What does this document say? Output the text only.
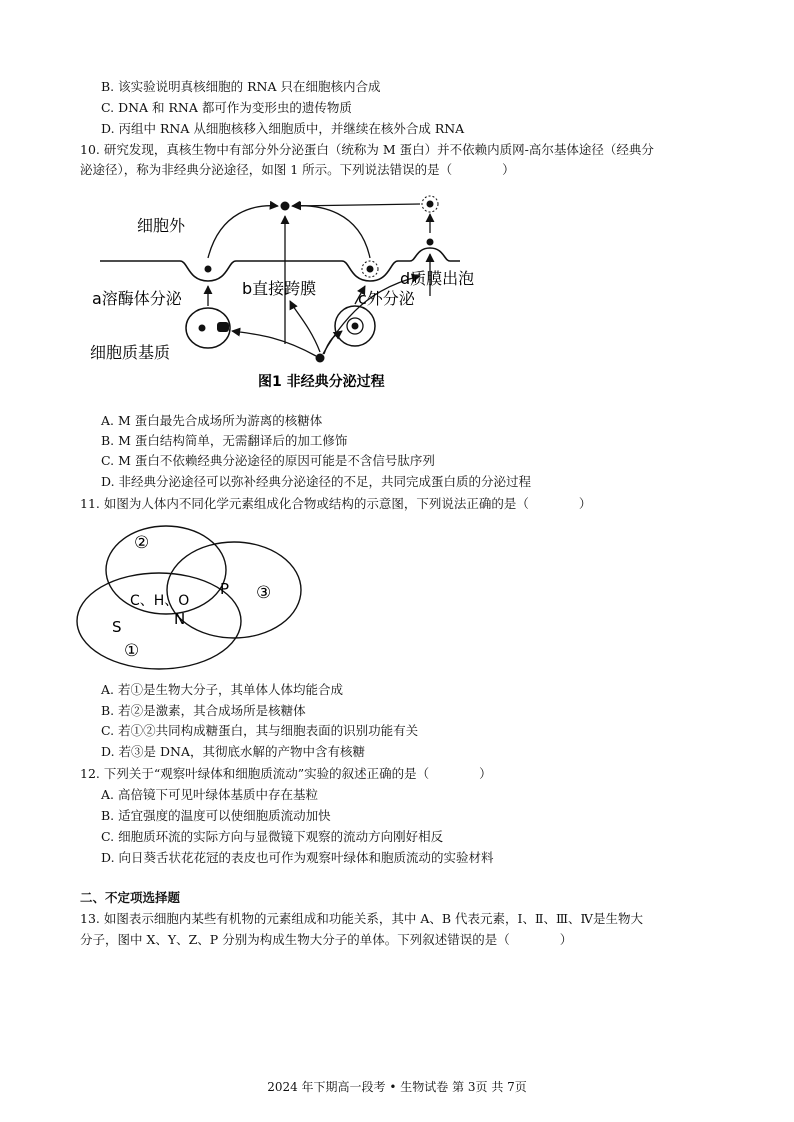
B. 该实验说明真核细胞的 RNA 只在细胞核内合成
C. DNA 和 RNA 都可作为变形虫的遗传物质
D. 丙组中 RNA 从细胞核移入细胞质中，并继续在核外合成 RNA
10. 研究发现，真核生物中有部分外分泌蛋白（统称为 M 蛋白）并不依赖内质网-高尔基体途径（经典分
泌途径），称为非经典分泌途径，如图 1 所示。下列说法错误的是（　　　　）
细胞外
a溶酶体分泌
b直接跨膜
c外分泌
d质膜出泡
细胞质基质
图1 非经典分泌过程
A. M 蛋白最先合成场所为游离的核糖体
B. M 蛋白结构简单，无需翻译后的加工修饰
C. M 蛋白不依赖经典分泌途径的原因可能是不含信号肽序列
D. 非经典分泌途径可以弥补经典分泌途径的不足，共同完成蛋白质的分泌过程
11. 如图为人体内不同化学元素组成化合物或结构的示意图，下列说法正确的是（　　　　）
②
③
①
C、H、O
P
N
S
A. 若①是生物大分子，其单体人体均能合成
B. 若②是激素，其合成场所是核糖体
C. 若①②共同构成糖蛋白，其与细胞表面的识别功能有关
D. 若③是 DNA，其彻底水解的产物中含有核糖
12. 下列关于“观察叶绿体和细胞质流动”实验的叙述正确的是（　　　　）
A. 高倍镜下可见叶绿体基质中存在基粒
B. 适宜强度的温度可以使细胞质流动加快
C. 细胞质环流的实际方向与显微镜下观察的流动方向刚好相反
D. 向日葵舌状花花冠的表皮也可作为观察叶绿体和胞质流动的实验材料
二、不定项选择题
13. 如图表示细胞内某些有机物的元素组成和功能关系，其中 A、B 代表元素，Ⅰ、Ⅱ、Ⅲ、Ⅳ是生物大
分子，图中 X、Y、Z、P 分别为构成生物大分子的单体。下列叙述错误的是（　　　　）
2024 年下期高一段考 • 生物试卷 第 3页 共 7页
